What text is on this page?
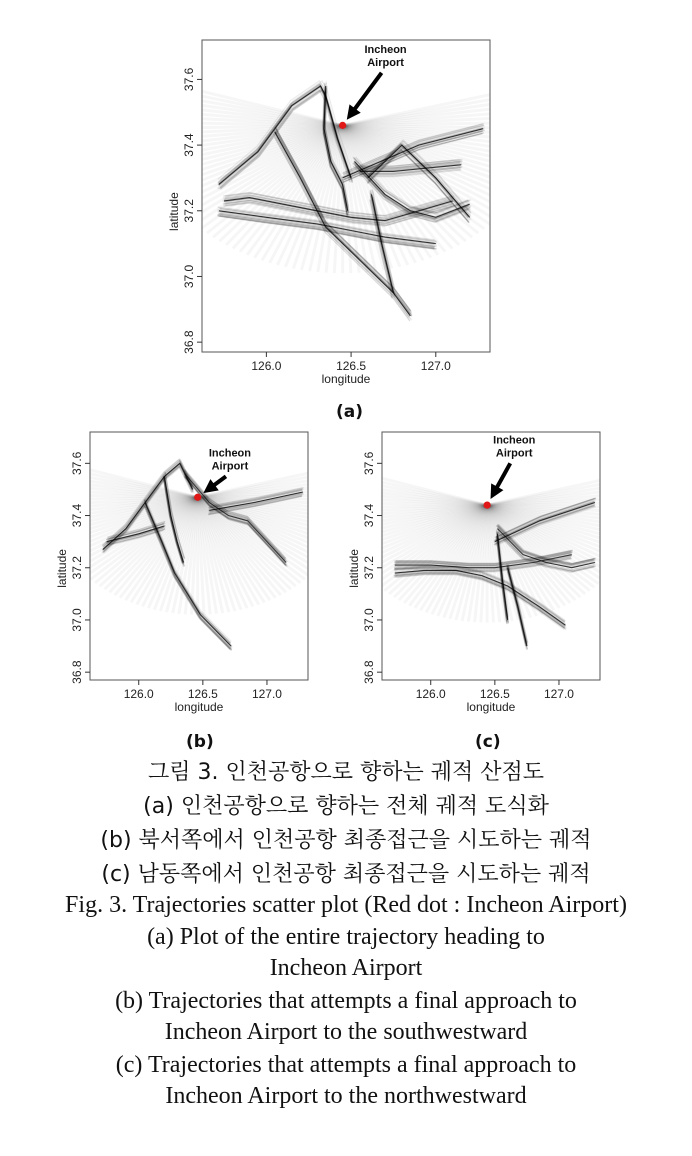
126.0	126.5	127.0
36.8
37.0
37.2
37.4
37.6
longitude
latitude
Incheon
Airport
(a)
126.0	126.5	127.0
36.8
37.0
37.2
37.4
37.6
longitude
latitude
Incheon
Airport
(b)
126.0	126.5	127.0
36.8
37.0
37.2
37.4
37.6
longitude
latitude
Incheon
Airport
(c)
그림 3. 인천공항으로 향하는 궤적 산점도
(a) 인천공항으로 향하는 전체 궤적 도식화
(b) 북서쪽에서 인천공항 최종접근을 시도하는 궤적
(c) 남동쪽에서 인천공항 최종접근을 시도하는 궤적
Fig. 3. Trajectories scatter plot (Red dot : Incheon Airport)
(a) Plot of the entire trajectory heading to
Incheon Airport
(b) Trajectories that attempts a final approach to
Incheon Airport to the southwestward
(c) Trajectories that attempts a final approach to
Incheon Airport to the northwestward
